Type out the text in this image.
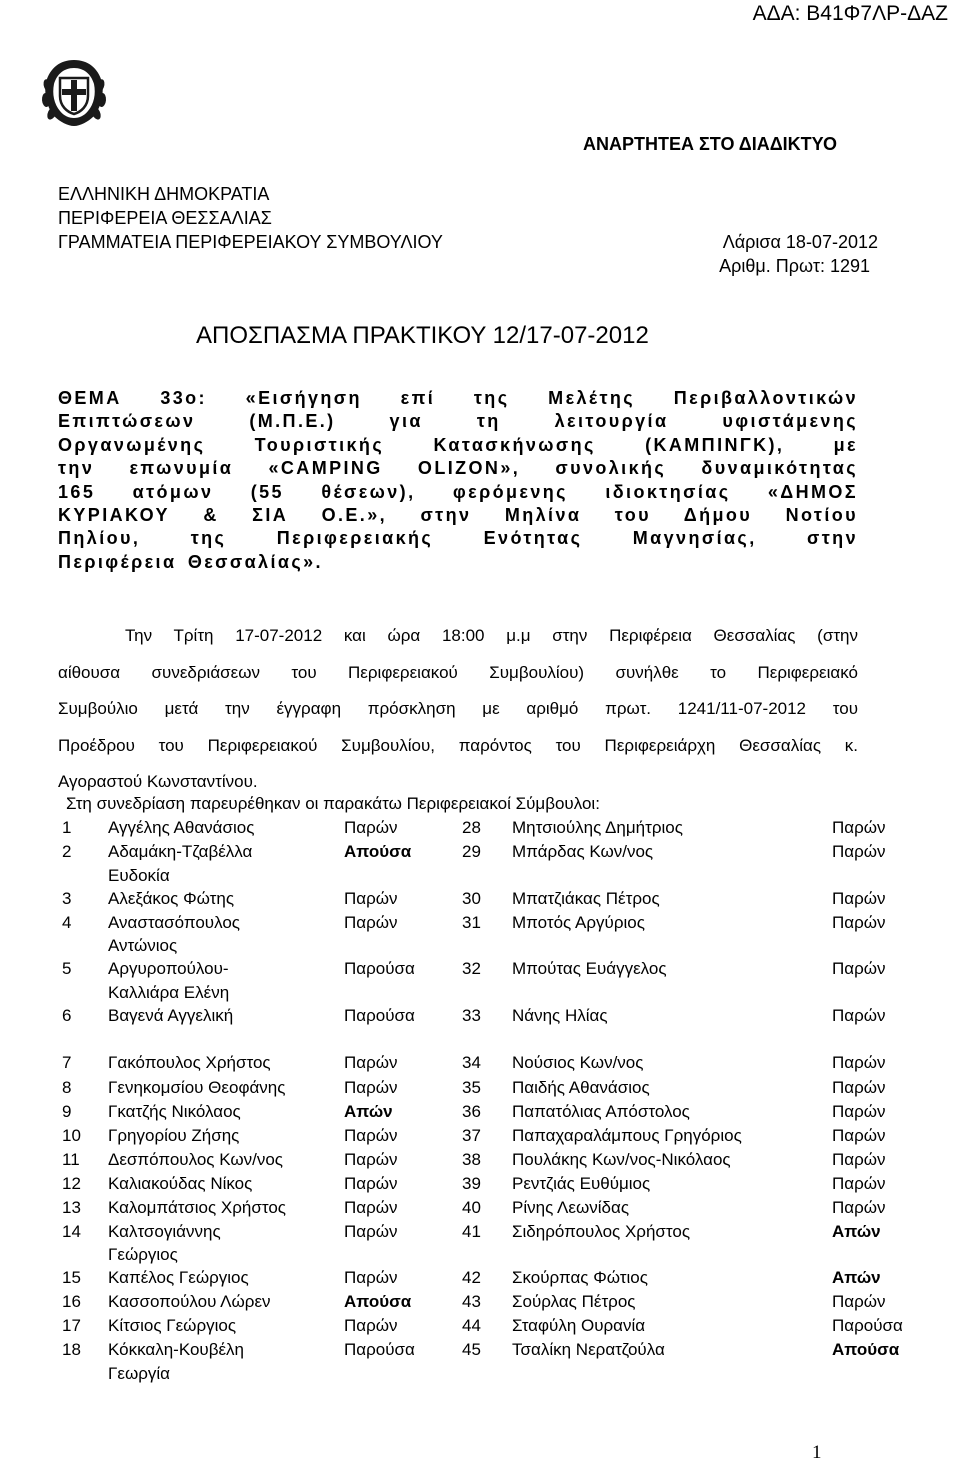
ΑΔΑ: Β41Φ7ΛΡ-ΔΑΖ
ΑΝΑΡΤΗΤΕΑ ΣΤΟ ΔΙΑΔΙΚΤΥΟ
ΕΛΛΗΝΙΚΗ ΔΗΜΟΚΡΑΤΙΑ
ΠΕΡΙΦΕΡΕΙΑ ΘΕΣΣΑΛΙΑΣ
ΓΡΑΜΜΑΤΕΙΑ ΠΕΡΙΦΕΡΕΙΑΚΟΥ ΣΥΜΒΟΥΛΙΟΥ	Λάρισα 18-07-2012
Αριθμ. Πρωτ: 1291
ΑΠΟΣΠΑΣΜΑ ΠΡΑΚΤΙΚΟΥ 12/17-07-2012
ΘΕΜΑ 33ο: «Εισήγηση επί της Μελέτης Περιβαλλοντικών
Επιπτώσεων (Μ.Π.Ε.) για τη λειτουργία υφιστάμενης
Οργανωμένης Τουριστικής Κατασκήνωσης (ΚΑΜΠΙΝΓΚ), με
την επωνυμία «CAMPING OLIZON», συνολικής δυναμικότητας
165 ατόμων (55 θέσεων), φερόμενης ιδιοκτησίας «ΔΗΜΟΣ
ΚΥΡΙΑΚΟΥ & ΣΙΑ Ο.Ε.», στην Μηλίνα του Δήμου Νοτίου
Πηλίου, της Περιφερειακής Ενότητας Μαγνησίας, στην
Περιφέρεια Θεσσαλίας».
Την Τρίτη 17-07-2012 και ώρα 18:00 μ.μ στην Περιφέρεια Θεσσαλίας (στην
αίθουσα συνεδριάσεων του Περιφερειακού Συμβουλίου) συνήλθε το Περιφερειακό
Συμβούλιο μετά την έγγραφη πρόσκληση με αριθμό πρωτ. 1241/11-07-2012 του
Προέδρου του Περιφερειακού Συμβουλίου, παρόντος του Περιφερειάρχη Θεσσαλίας κ.
Αγοραστού Κωνσταντίνου.
Στη συνεδρίαση παρευρέθηκαν οι παρακάτω Περιφερειακοί Σύμβουλοι:
1 Αγγέλης Αθανάσιος	Παρών	28 Μητσιούλης Δημήτριος	Παρών
2 Αδαμάκη-Τζαβέλλα	Απούσα	29 Μπάρδας Κων/νος	Παρών
Ευδοκία
3 Αλεξάκος Φώτης	Παρών	30 Μπατζιάκας Πέτρος	Παρών
4 Αναστασόπουλος	Παρών	31 Μποτός Αργύριος	Παρών
Αντώνιος
5 Αργυροπούλου-	Παρούσα	32 Μπούτας Ευάγγελος	Παρών
Καλλιάρα Ελένη
6 Βαγενά Αγγελική	Παρούσα	33 Νάνης Ηλίας	Παρών
7 Γακόπουλος Χρήστος	Παρών	34 Νούσιος Κων/νος	Παρών
8 Γενηκομσίου Θεοφάνης	Παρών	35 Παιδής Αθανάσιος	Παρών
9 Γκατζής Νικόλαος	Απών	36 Παπατόλιας Απόστολος	Παρών
10 Γρηγορίου Ζήσης	Παρών	37 Παπαχαραλάμπους Γρηγόριος	Παρών
11 Δεσπόπουλος Κων/νος	Παρών	38 Πουλάκης Κων/νος-Νικόλαος	Παρών
12 Καλιακούδας Νίκος	Παρών	39 Ρεντζιάς Ευθύμιος	Παρών
13 Καλομπάτσιος Χρήστος	Παρών	40 Ρίνης Λεωνίδας	Παρών
14 Καλτσογιάννης	Παρών	41 Σιδηρόπουλος Χρήστος	Απών
Γεώργιος
15 Καπέλος Γεώργιος	Παρών	42 Σκούρπας Φώτιος	Απών
16 Κασσοπούλου Λώρεν	Απούσα	43 Σούρλας Πέτρος	Παρών
17 Κίτσιος Γεώργιος	Παρών	44 Σταφύλη Ουρανία	Παρούσα
18 Κόκκαλη-Κουβέλη	Παρούσα	45 Τσαλίκη Νερατζούλα	Απούσα
Γεωργία
1
